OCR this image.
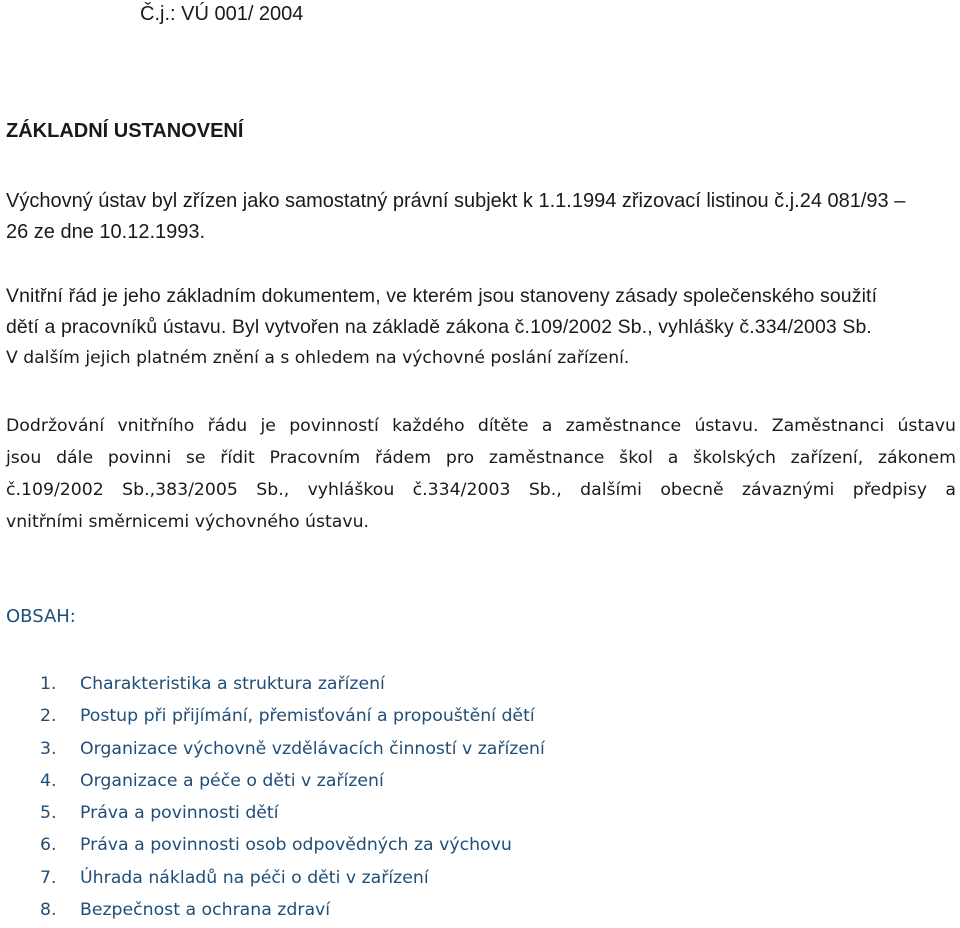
Č.j.: VÚ 001/ 2004
ZÁKLADNÍ USTANOVENÍ
Výchovný ústav byl zřízen jako samostatný právní subjekt k 1.1.1994 zřizovací listinou č.j.24 081/93 –
26 ze dne 10.12.1993.
Vnitřní řád je jeho základním dokumentem, ve kterém jsou stanoveny zásady společenského soužití
dětí a pracovníků ústavu. Byl vytvořen na základě zákona č.109/2002 Sb., vyhlášky č.334/2003 Sb.
V dalším jejich platném znění a s ohledem na výchovné poslání zařízení.
Dodržování vnitřního řádu je povinností každého dítěte a zaměstnance ústavu. Zaměstnanci ústavu
jsou dále povinni se řídit Pracovním řádem pro zaměstnance škol a školských zařízení, zákonem
č.109/2002 Sb.,383/2005 Sb., vyhláškou č.334/2003 Sb., dalšími obecně závaznými předpisy a
vnitřními směrnicemi výchovného ústavu.
OBSAH:
1. Charakteristika a struktura zařízení
2. Postup při přijímání, přemisťování a propouštění dětí
3. Organizace výchovně vzdělávacích činností v zařízení
4. Organizace a péče o děti v zařízení
5. Práva a povinnosti dětí
6. Práva a povinnosti osob odpovědných za výchovu
7. Úhrada nákladů na péči o děti v zařízení
8. Bezpečnost a ochrana zdraví
